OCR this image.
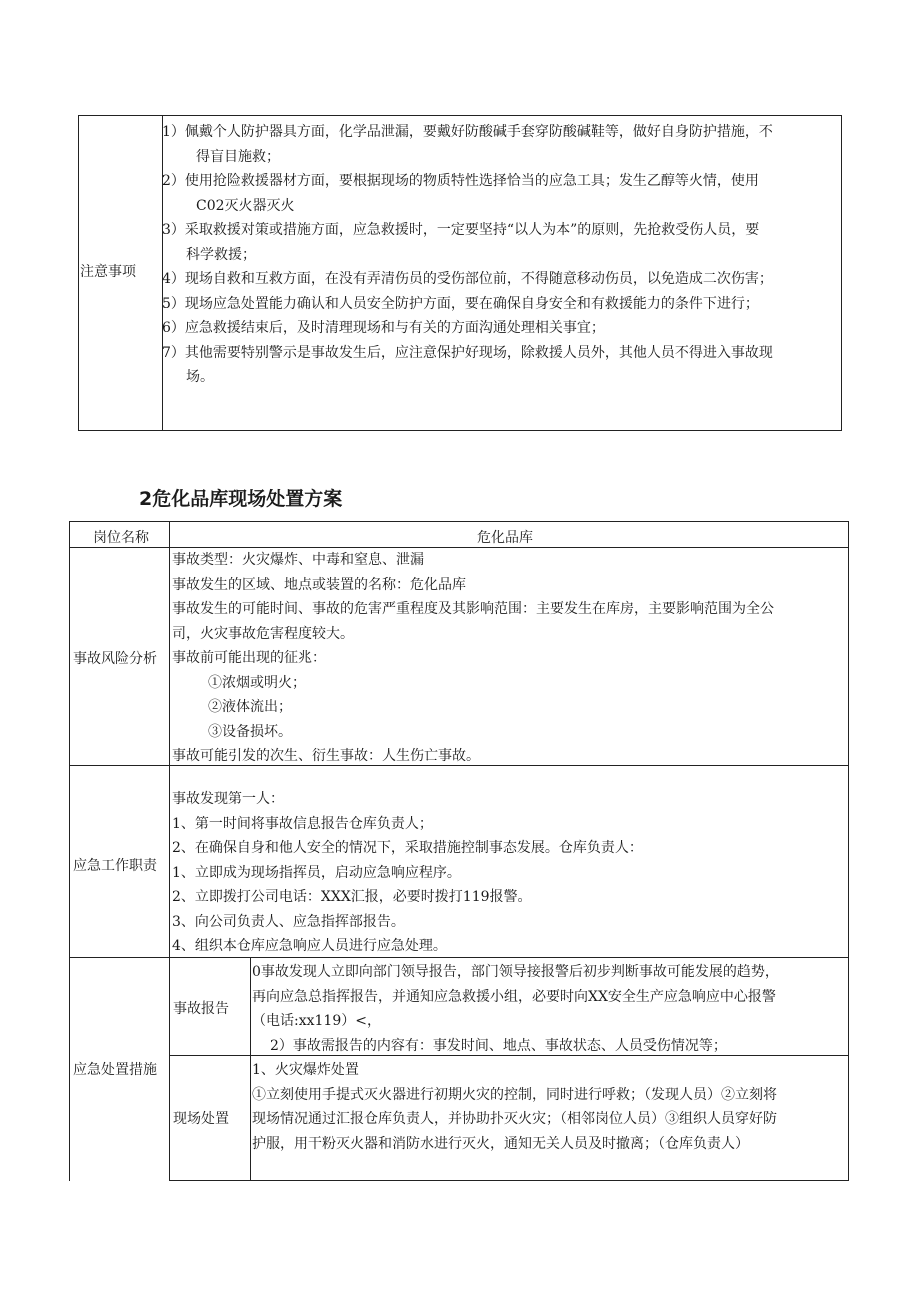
注意事项

1）佩戴个人防护器具方面，化学品泄漏，要戴好防酸碱手套穿防酸碱鞋等，做好自身防护措施，不

得盲目施救；

2）使用抢险救援器材方面，要根据现场的物质特性选择恰当的应急工具；发生乙醇等火情，使用

C02灭火器灭火

3）采取救援对策或措施方面，应急救援时，一定要坚持“以人为本”的原则，先抢救受伤人员，要

科学救援；

4）现场自救和互救方面，在没有弄清伤员的受伤部位前，不得随意移动伤员，以免造成二次伤害；

5）现场应急处置能力确认和人员安全防护方面，要在确保自身安全和有救援能力的条件下进行；

6）应急救援结束后，及时清理现场和与有关的方面沟通处理相关事宜；

7）其他需要特别警示是事故发生后，应注意保护好现场，除救援人员外，其他人员不得进入事故现

场。

2危化品库现场处置方案
岗位名称	危化品库
事故风险分析

事故类型：火灾爆炸、中毒和窒息、泄漏

事故发生的区域、地点或装置的名称：危化品库

事故发生的可能时间、事故的危害严重程度及其影响范围：主要发生在库房，主要影响范围为全公

司，火灾事故危害程度较大。

事故前可能出现的征兆：

①浓烟或明火；

②液体流出；

③设备损坏。

事故可能引发的次生、衍生事故：人生伤亡事故。

应急工作职责

事故发现第一人：

1、第一时间将事故信息报告仓库负责人；

2、在确保自身和他人安全的情况下，采取措施控制事态发展。仓库负责人：

1、立即成为现场指挥员，启动应急响应程序。

2、立即拨打公司电话：XXX汇报，必要时拨打119报警。

3、向公司负责人、应急指挥部报告。

4、组织本仓库应急响应人员进行应急处理。

应急处置措施
事故报告

0事故发现人立即向部门领导报告，部门领导接报警后初步判断事故可能发展的趋势，

再向应急总指挥报告，并通知应急救援小组，必要时向XX安全生产应急响应中心报警

（电话:xx119）<，

2）事故需报告的内容有：事发时间、地点、事故状态、人员受伤情况等；

现场处置

1、火灾爆炸处置

①立刻使用手提式灭火器进行初期火灾的控制，同时进行呼救；（发现人员）②立刻将

现场情况通过汇报仓库负责人，并协助扑灭火灾；（相邻岗位人员）③组织人员穿好防

护服，用干粉灭火器和消防水进行灭火，通知无关人员及时撤离；（仓库负责人）
